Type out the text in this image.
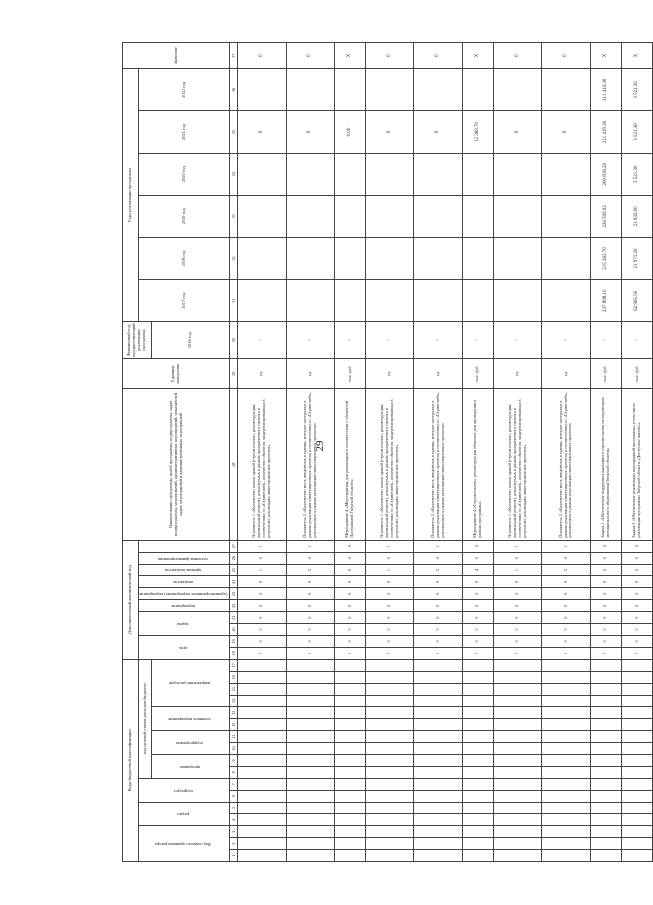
29
Коды бюджетной классификации																	Дополнительный аналитический код										Наименование программы, целей программы, подпрограммы, задач подпрограммы, мероприятий, административных мероприятий, показателей задач, мероприятий и административных мероприятий	Единица измерения	Финансовый год, предшествующий реализации программы	Годы реализации программы						Значение
Код главного администратора			раздел		подраздел		код целевой статьи расходов бюджета										цель		задача		мероприятие	(административное мероприятие) мероприятие	показатель	признак показателя	источник финансирования					2017 год	2018 год	2019 год	2020 год	2021 год	2022 год	
							программа		подпрограмма		основное мероприятие		направление расходов																2016 год							
1	2	3	4	5	6	7	8	9	10	11	12	13	14	15	16	17	18	19	20	21	22	23	24	25	26	27	28	29	30	31	32	33	34	35	36	37
																	1	0	3	0	0	0	0	1	0	1	Показатель 1 «Количество новых зданий (строительство, реконструкция, капитальный ремонт), реализуемых в рамках приоритетного проекта в соответствии со «Стратегией», количество объектов, модернизированных в результате реализации инвестиционных проектов»	ед.	\					0		0
																	1	0	3	0	0	0	0	2	0	1	Показатель 2 «Количество мест, введённых в здании, которые построены в рамках реализации инвестиционных проектов в соответствии со «Стратегией», реализуемых в рамках реализации инвестиционных проектов»	ед.	\					0		0
																	1	0	3	0	0	0	0	0	0	0	Мероприятие 4 «Мероприятия для реализации в соответствии с областной Программой Тверской области»	тыс. руб.	\					0.00		X
																	1	0	3	0	0	0	0	1	0	1	Показатель 1 «Количество новых зданий (строительство, реконструкция, капитальный ремонт), реализуемых в рамках приоритетного проекта в соответствии со «Стратегией», количество объектов, модернизированных в результате реализации инвестиционных проектов»	ед.	\					0		0
																	1	0	3	0	0	0	0	2	0	1	Показатель 2 «Количество мест, введённых в здании, которые построены в рамках реализации инвестиционных проектов в соответствии со «Стратегией», реализуемых в рамках реализации инвестиционных проектов»	ед.	\					0		0
																	1	0	3	0	0	0	0	4	0	0	Мероприятие 4 «Строительство, реконструкция объектов для проведения в рамках программы»	тыс. руб.	\					12 369.70		X
																	1	0	3	0	0	0	0	1	0	1	Показатель 1 «Количество новых зданий (строительство, реконструкция, капитальный ремонт), реализуемых в рамках приоритетного проекта в соответствии со «Стратегией», количество объектов, модернизированных в результате реализации инвестиционных проектов»	ед.	\					0		0
																	1	0	3	0	0	0	0	2	0	1	Показатель 2 «Количество мест, введённых в здании, которые построены в рамках реализации инвестиционных проектов в соответствии со «Стратегией», реализуемых в рамках реализации инвестиционных проектов»	ед.	\					0		0
																	1	0	3	0	0	0	0	0	0	0	Задача 1 «Обеспечение поддержки жилищного строительства на территории муниципального образования Тверской области»	тыс. руб.	\	237 898.10	215 262.70	226 599.92	200 818.29	211 419.30	211 419.30	X
																	1	0	3	0	0	0	0	0	0	0	Задача 2 «Обеспечение реализации мероприятий программы, в том числе реализация программы Тверской области «Доступное жильё»»	тыс. руб.	\	62 965.50	21 971.20	21 932.00	3 521.30	3 521.30	3 521.30	X
